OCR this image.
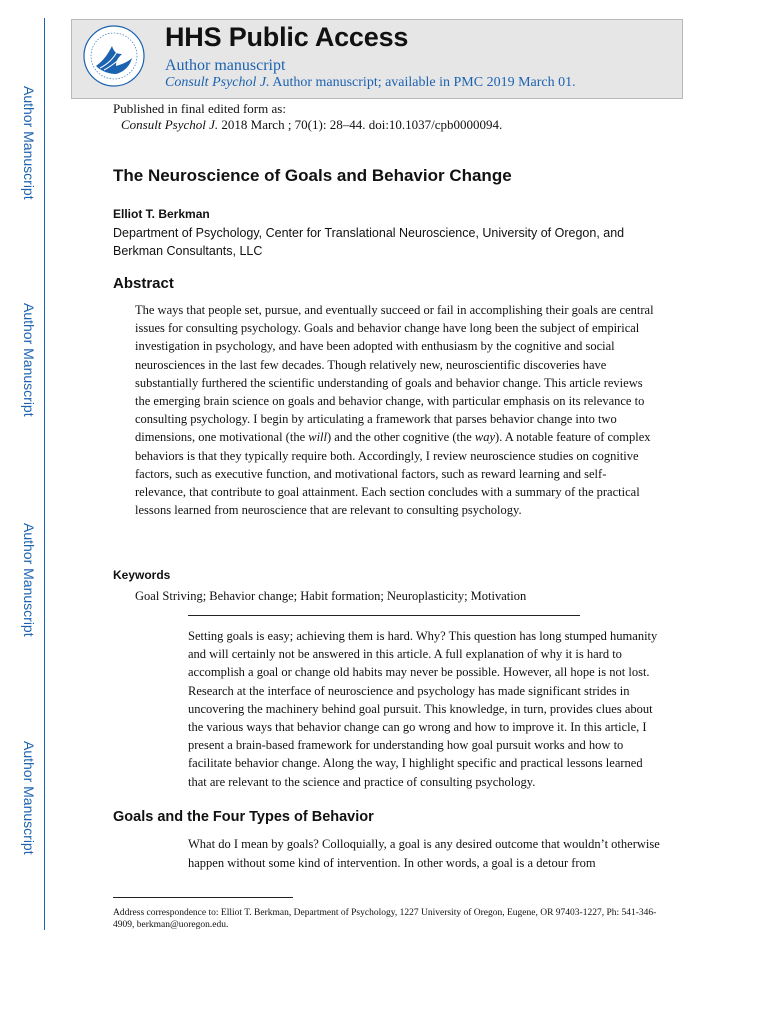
Author Manuscript
Author Manuscript
Author Manuscript
Author Manuscript
HHS Public Access
Author manuscript
Consult Psychol J. Author manuscript; available in PMC 2019 March 01.
Published in final edited form as:
Consult Psychol J. 2018 March ; 70(1): 28–44. doi:10.1037/cpb0000094.
The Neuroscience of Goals and Behavior Change
Elliot T. Berkman
Department of Psychology, Center for Translational Neuroscience, University of Oregon, and Berkman Consultants, LLC
Abstract
The ways that people set, pursue, and eventually succeed or fail in accomplishing their goals are central issues for consulting psychology. Goals and behavior change have long been the subject of empirical investigation in psychology, and have been adopted with enthusiasm by the cognitive and social neurosciences in the last few decades. Though relatively new, neuroscientific discoveries have substantially furthered the scientific understanding of goals and behavior change. This article reviews the emerging brain science on goals and behavior change, with particular emphasis on its relevance to consulting psychology. I begin by articulating a framework that parses behavior change into two dimensions, one motivational (the will) and the other cognitive (the way). A notable feature of complex behaviors is that they typically require both. Accordingly, I review neuroscience studies on cognitive factors, such as executive function, and motivational factors, such as reward learning and self-relevance, that contribute to goal attainment. Each section concludes with a summary of the practical lessons learned from neuroscience that are relevant to consulting psychology.
Keywords
Goal Striving; Behavior change; Habit formation; Neuroplasticity; Motivation
Setting goals is easy; achieving them is hard. Why? This question has long stumped humanity and will certainly not be answered in this article. A full explanation of why it is hard to accomplish a goal or change old habits may never be possible. However, all hope is not lost. Research at the interface of neuroscience and psychology has made significant strides in uncovering the machinery behind goal pursuit. This knowledge, in turn, provides clues about the various ways that behavior change can go wrong and how to improve it. In this article, I present a brain-based framework for understanding how goal pursuit works and how to facilitate behavior change. Along the way, I highlight specific and practical lessons learned that are relevant to the science and practice of consulting psychology.
Goals and the Four Types of Behavior
What do I mean by goals? Colloquially, a goal is any desired outcome that wouldn’t otherwise happen without some kind of intervention. In other words, a goal is a detour from
Address correspondence to: Elliot T. Berkman, Department of Psychology, 1227 University of Oregon, Eugene, OR 97403-1227, Ph: 541-346-4909, berkman@uoregon.edu.
